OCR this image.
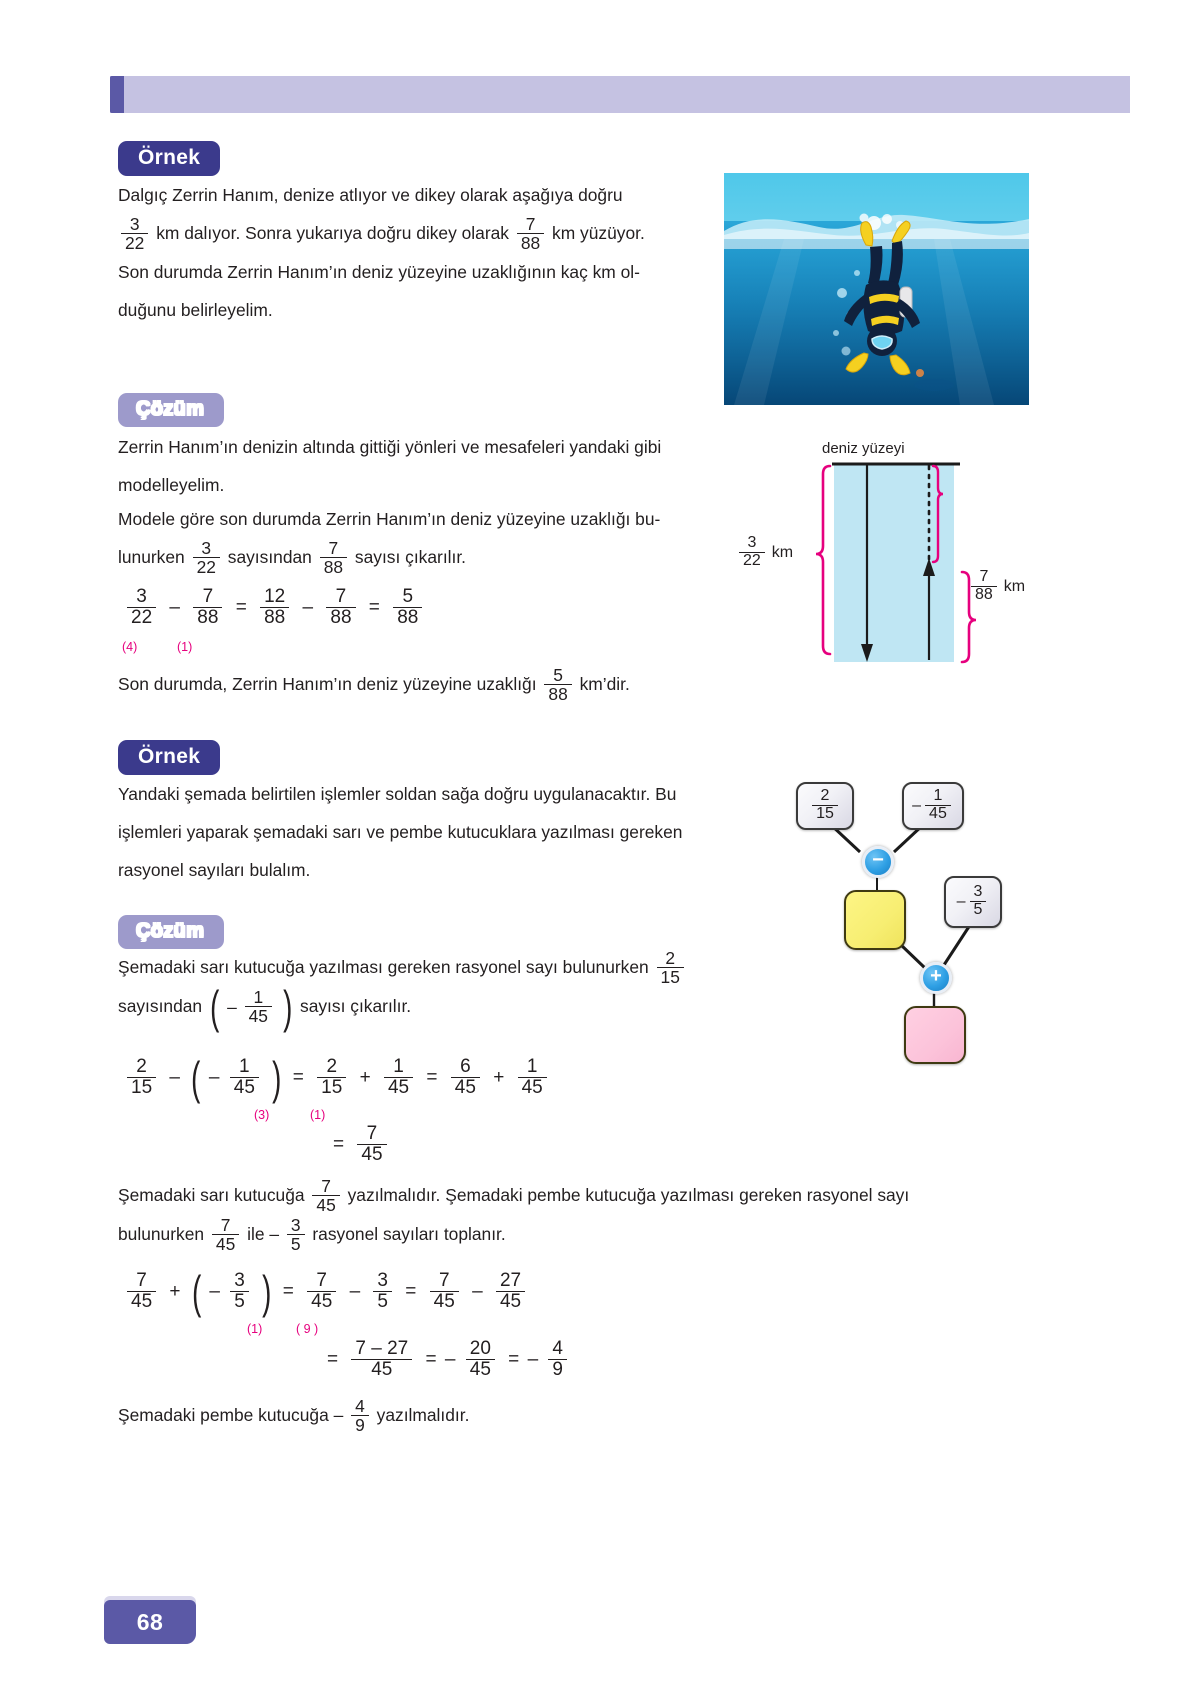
Örnek
Dalgıç Zerrin Hanım, denize atlıyor ve dikey olarak aşağıya doğru

$\frac{3}{22}$ km dalıyor. Sonra yukarıya doğru dikey olarak $\frac{7}{88}$ km yüzüyor.
Son durumda Zerrin Hanım’ın deniz yüzeyine uzaklığının kaç km ol-
duğunu belirleyelim.
Çözüm
Zerrin Hanım’ın denizin altında gittiği yönleri ve mesafeleri yandaki gibi
modelleyelim.
Modele göre son durumda Zerrin Hanım’ın deniz yüzeyine uzaklığı bu-
lunurken $\frac{3}{22}$ sayısından $\frac{7}{88}$ sayısı çıkarılır.
$\frac{3}{22} - \frac{7}{88} = \frac{12}{88} - \frac{7}{88} = \frac{5}{88}$
(4)	(1)
Son durumda, Zerrin Hanım’ın deniz yüzeyine uzaklığı $\frac{5}{88}$ km’dir.
deniz yüzeyi
$\frac{3}{22}$ km
$\frac{7}{88}$ km
Örnek
Yandaki şemada belirtilen işlemler soldan sağa doğru uygulanacaktır. Bu
işlemleri yaparak şemadaki sarı ve pembe kutucuklara yazılması gereken
rasyonel sayıları bulalım.
$\frac{2}{15}$	– $\frac{1}{45}$
−
– $\frac{3}{5}$
+
Çözüm
Şemadaki sarı kutucuğa yazılması gereken rasyonel sayı bulunurken $\frac{2}{15}$

sayısından ( – $\frac{1}{45}$ ) sayısı çıkarılır.
$\frac{2}{15}$ – ( – $\frac{1}{45}$ ) = $\frac{2}{15} + \frac{1}{45} = \frac{6}{45} + \frac{1}{45}$
(3)	(1)
= $\frac{7}{45}$
Şemadaki sarı kutucuğa $\frac{7}{45}$ yazılmalıdır. Şemadaki pembe kutucuğa yazılması gereken rasyonel sayı
bulunurken $\frac{7}{45}$ ile – $\frac{3}{5}$ rasyonel sayıları toplanır.
$\frac{7}{45}$ + ( – $\frac{3}{5}$ ) = $\frac{7}{45} - \frac{3}{5} = \frac{7}{45} - \frac{27}{45}$
(1)	( 9 )
= $\frac{7 - 27}{45}$ = – $\frac{20}{45}$ = – $\frac{4}{9}$
Şemadaki pembe kutucuğa – $\frac{4}{9}$ yazılmalıdır.
68
